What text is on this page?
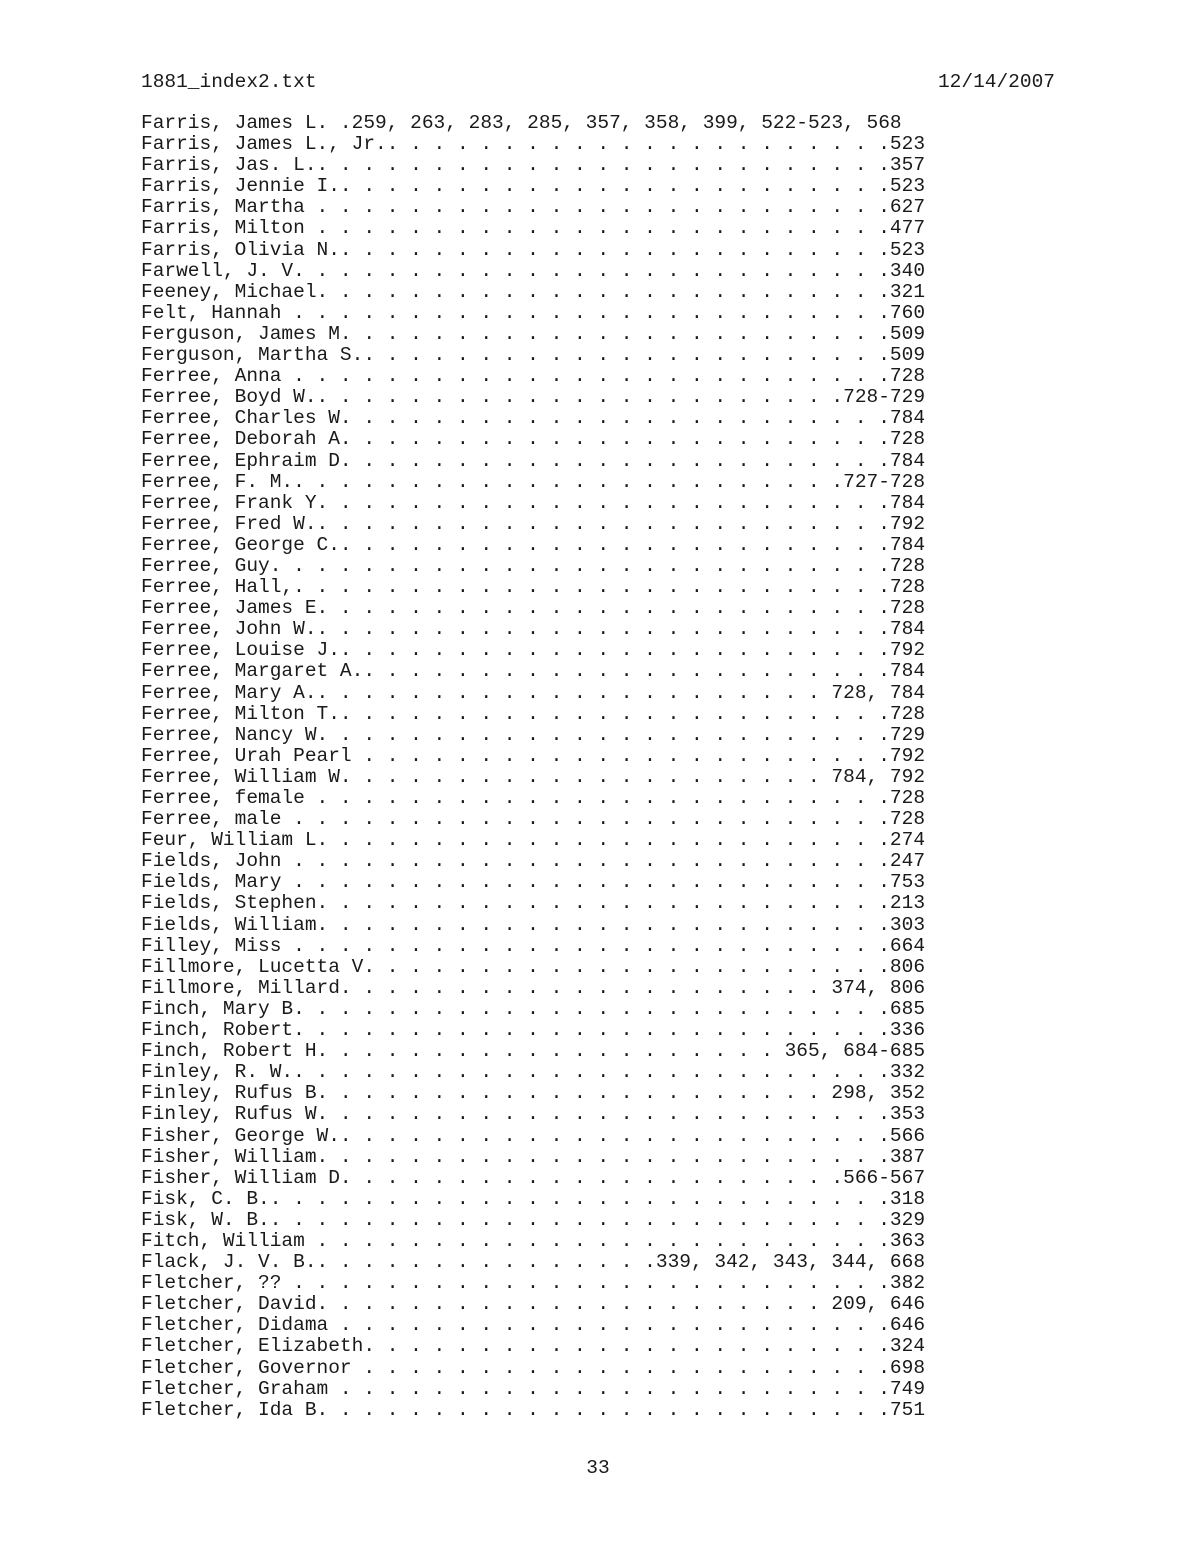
1881_index2.txt	12/14/2007
Farris, James L. .259, 263, 283, 285, 357, 358, 399, 522-523, 568
Farris, James L., Jr.. . . . . . . . . . . . . . . . . . . . . .523
Farris, Jas. L.. . . . . . . . . . . . . . . . . . . . . . . . .357
Farris, Jennie I.. . . . . . . . . . . . . . . . . . . . . . . .523
Farris, Martha . . . . . . . . . . . . . . . . . . . . . . . . .627
Farris, Milton . . . . . . . . . . . . . . . . . . . . . . . . .477
Farris, Olivia N.. . . . . . . . . . . . . . . . . . . . . . . .523
Farwell, J. V. . . . . . . . . . . . . . . . . . . . . . . . . .340
Feeney, Michael. . . . . . . . . . . . . . . . . . . . . . . . .321
Felt, Hannah . . . . . . . . . . . . . . . . . . . . . . . . . .760
Ferguson, James M. . . . . . . . . . . . . . . . . . . . . . . .509
Ferguson, Martha S.. . . . . . . . . . . . . . . . . . . . . . .509
Ferree, Anna . . . . . . . . . . . . . . . . . . . . . . . . . .728
Ferree, Boyd W.. . . . . . . . . . . . . . . . . . . . . . .728-729
Ferree, Charles W. . . . . . . . . . . . . . . . . . . . . . . .784
Ferree, Deborah A. . . . . . . . . . . . . . . . . . . . . . . .728
Ferree, Ephraim D. . . . . . . . . . . . . . . . . . . . . . . .784
Ferree, F. M.. . . . . . . . . . . . . . . . . . . . . . . .727-728
Ferree, Frank Y. . . . . . . . . . . . . . . . . . . . . . . . .784
Ferree, Fred W.. . . . . . . . . . . . . . . . . . . . . . . . .792
Ferree, George C.. . . . . . . . . . . . . . . . . . . . . . . .784
Ferree, Guy. . . . . . . . . . . . . . . . . . . . . . . . . . .728
Ferree, Hall,. . . . . . . . . . . . . . . . . . . . . . . . . .728
Ferree, James E. . . . . . . . . . . . . . . . . . . . . . . . .728
Ferree, John W.. . . . . . . . . . . . . . . . . . . . . . . . .784
Ferree, Louise J.. . . . . . . . . . . . . . . . . . . . . . . .792
Ferree, Margaret A.. . . . . . . . . . . . . . . . . . . . . . .784
Ferree, Mary A.. . . . . . . . . . . . . . . . . . . . . . 728, 784
Ferree, Milton T.. . . . . . . . . . . . . . . . . . . . . . . .728
Ferree, Nancy W. . . . . . . . . . . . . . . . . . . . . . . . .729
Ferree, Urah Pearl . . . . . . . . . . . . . . . . . . . . . . .792
Ferree, William W. . . . . . . . . . . . . . . . . . . . . 784, 792
Ferree, female . . . . . . . . . . . . . . . . . . . . . . . . .728
Ferree, male . . . . . . . . . . . . . . . . . . . . . . . . . .728
Feur, William L. . . . . . . . . . . . . . . . . . . . . . . . .274
Fields, John . . . . . . . . . . . . . . . . . . . . . . . . . .247
Fields, Mary . . . . . . . . . . . . . . . . . . . . . . . . . .753
Fields, Stephen. . . . . . . . . . . . . . . . . . . . . . . . .213
Fields, William. . . . . . . . . . . . . . . . . . . . . . . . .303
Filley, Miss . . . . . . . . . . . . . . . . . . . . . . . . . .664
Fillmore, Lucetta V. . . . . . . . . . . . . . . . . . . . . . .806
Fillmore, Millard. . . . . . . . . . . . . . . . . . . . . 374, 806
Finch, Mary B. . . . . . . . . . . . . . . . . . . . . . . . . .685
Finch, Robert. . . . . . . . . . . . . . . . . . . . . . . . . .336
Finch, Robert H. . . . . . . . . . . . . . . . . . . . 365, 684-685
Finley, R. W.. . . . . . . . . . . . . . . . . . . . . . . . . .332
Finley, Rufus B. . . . . . . . . . . . . . . . . . . . . . 298, 352
Finley, Rufus W. . . . . . . . . . . . . . . . . . . . . . . . .353
Fisher, George W.. . . . . . . . . . . . . . . . . . . . . . . .566
Fisher, William. . . . . . . . . . . . . . . . . . . . . . . . .387
Fisher, William D. . . . . . . . . . . . . . . . . . . . . .566-567
Fisk, C. B.. . . . . . . . . . . . . . . . . . . . . . . . . . .318
Fisk, W. B.. . . . . . . . . . . . . . . . . . . . . . . . . . .329
Fitch, William . . . . . . . . . . . . . . . . . . . . . . . . .363
Flack, J. V. B.. . . . . . . . . . . . . . .339, 342, 343, 344, 668
Fletcher, ?? . . . . . . . . . . . . . . . . . . . . . . . . . .382
Fletcher, David. . . . . . . . . . . . . . . . . . . . . . 209, 646
Fletcher, Didama . . . . . . . . . . . . . . . . . . . . . . . .646
Fletcher, Elizabeth. . . . . . . . . . . . . . . . . . . . . . .324
Fletcher, Governor . . . . . . . . . . . . . . . . . . . . . . .698
Fletcher, Graham . . . . . . . . . . . . . . . . . . . . . . . .749
Fletcher, Ida B. . . . . . . . . . . . . . . . . . . . . . . . .751
33
